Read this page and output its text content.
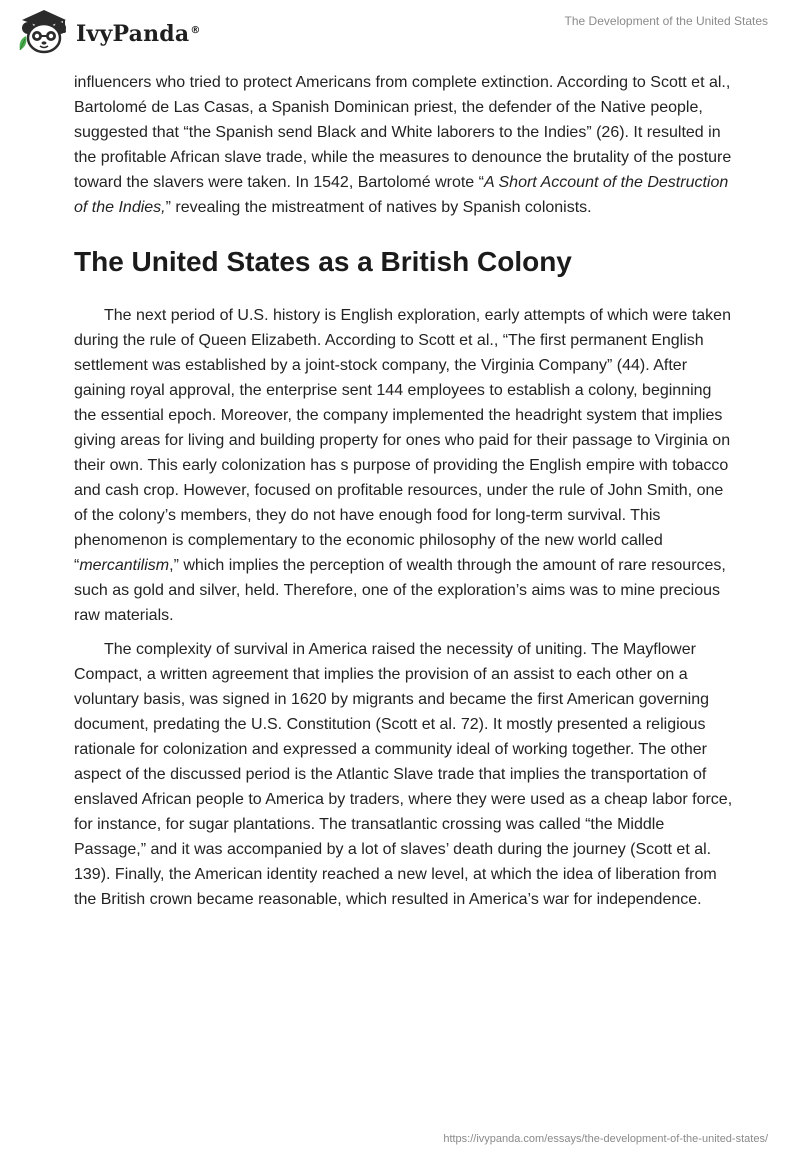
IvyPanda®
The Development of the United States

influencers who tried to protect Americans from complete extinction. According to Scott et al., Bartolomé de Las Casas, a Spanish Dominican priest, the defender of the Native people, suggested that “the Spanish send Black and White laborers to the Indies” (26). It resulted in the profitable African slave trade, while the measures to denounce the brutality of the posture toward the slavers were taken. In 1542, Bartolomé wrote “A Short Account of the Destruction of the Indies,” revealing the mistreatment of natives by Spanish colonists.

The United States as a British Colony

The next period of U.S. history is English exploration, early attempts of which were taken during the rule of Queen Elizabeth. According to Scott et al., “The first permanent English settlement was established by a joint-stock company, the Virginia Company” (44). After gaining royal approval, the enterprise sent 144 employees to establish a colony, beginning the essential epoch. Moreover, the company implemented the headright system that implies giving areas for living and building property for ones who paid for their passage to Virginia on their own. This early colonization has s purpose of providing the English empire with tobacco and cash crop. However, focused on profitable resources, under the rule of John Smith, one of the colony’s members, they do not have enough food for long-term survival. This phenomenon is complementary to the economic philosophy of the new world called “mercantilism,” which implies the perception of wealth through the amount of rare resources, such as gold and silver, held. Therefore, one of the exploration’s aims was to mine precious raw materials.

The complexity of survival in America raised the necessity of uniting. The Mayflower Compact, a written agreement that implies the provision of an assist to each other on a voluntary basis, was signed in 1620 by migrants and became the first American governing document, predating the U.S. Constitution (Scott et al. 72). It mostly presented a religious rationale for colonization and expressed a community ideal of working together. The other aspect of the discussed period is the Atlantic Slave trade that implies the transportation of enslaved African people to America by traders, where they were used as a cheap labor force, for instance, for sugar plantations. The transatlantic crossing was called “the Middle Passage,” and it was accompanied by a lot of slaves’ death during the journey (Scott et al. 139). Finally, the American identity reached a new level, at which the idea of liberation from the British crown became reasonable, which resulted in America’s war for independence.

https://ivypanda.com/essays/the-development-of-the-united-states/
